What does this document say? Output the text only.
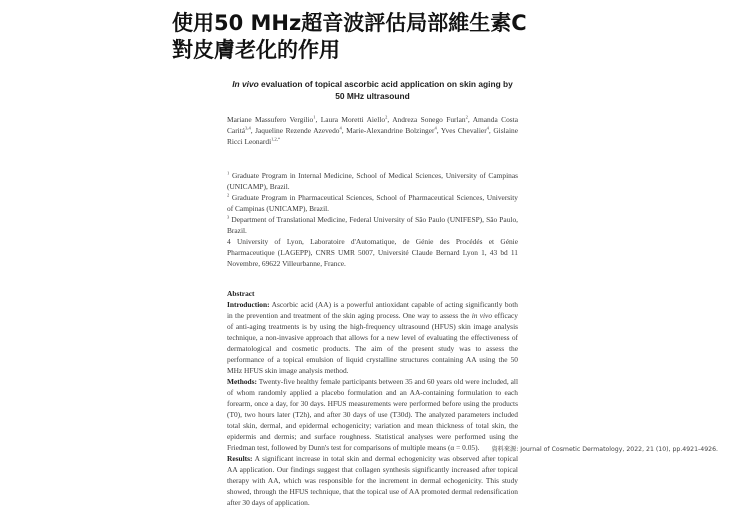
使用50 MHz超音波評估局部維生素C
對皮膚老化的作用
In vivo evaluation of topical ascorbic acid application on skin aging by
50 MHz ultrasound
Mariane Massufero Vergilio$^1$, Laura Moretti Aiello$^2$, Andreza Sonego Furlan$^2$, Amanda Costa Caritá$^{3,4}$, Jaqueline Rezende Azevedo$^4$, Marie-Alexandrine Bolzinger$^4$, Yves Chevalier$^4$, Gislaine Ricci Leonardi$^{1,2,*}$
$^1$ Graduate Program in Internal Medicine, School of Medical Sciences, University of Campinas (UNICAMP), Brazil.
$^2$ Graduate Program in Pharmaceutical Sciences, School of Pharmaceutical Sciences, University of Campinas (UNICAMP), Brazil.
$^3$ Department of Translational Medicine, Federal University of São Paulo (UNIFESP), São Paulo, Brazil.
4 University of Lyon, Laboratoire d'Automatique, de Génie des Procédés et Génie Pharmaceutique (LAGEPP), CNRS UMR 5007, Université Claude Bernard Lyon 1, 43 bd 11 Novembre, 69622 Villeurbanne, France.
Abstract
Introduction: Ascorbic acid (AA) is a powerful antioxidant capable of acting significantly both in the prevention and treatment of the skin aging process. One way to assess the in vivo efficacy of anti-aging treatments is by using the high-frequency ultrasound (HFUS) skin image analysis technique, a non-invasive approach that allows for a new level of evaluating the effectiveness of dermatological and cosmetic products. The aim of the present study was to assess the performance of a topical emulsion of liquid crystalline structures containing AA using the 50 MHz HFUS skin image analysis method.
Methods: Twenty-five healthy female participants between 35 and 60 years old were included, all of whom randomly applied a placebo formulation and an AA-containing formulation to each forearm, once a day, for 30 days. HFUS measurements were performed before using the products (T0), two hours later (T2h), and after 30 days of use (T30d). The analyzed parameters included total skin, dermal, and epidermal echogenicity; variation and mean thickness of total skin, the epidermis and dermis; and surface roughness. Statistical analyses were performed using the Friedman test, followed by Dunn's test for comparisons of multiple means (α = 0.05).
Results: A significant increase in total skin and dermal echogenicity was observed after topical AA application. Our findings suggest that collagen synthesis significantly increased after topical therapy with AA, which was responsible for the increment in dermal echogenicity. This study showed, through the HFUS technique, that the topical use of AA promoted dermal redensification after 30 days of application.
資料來源: Journal of Cosmetic Dermatology, 2022, 21 (10), pp.4921-4926.
